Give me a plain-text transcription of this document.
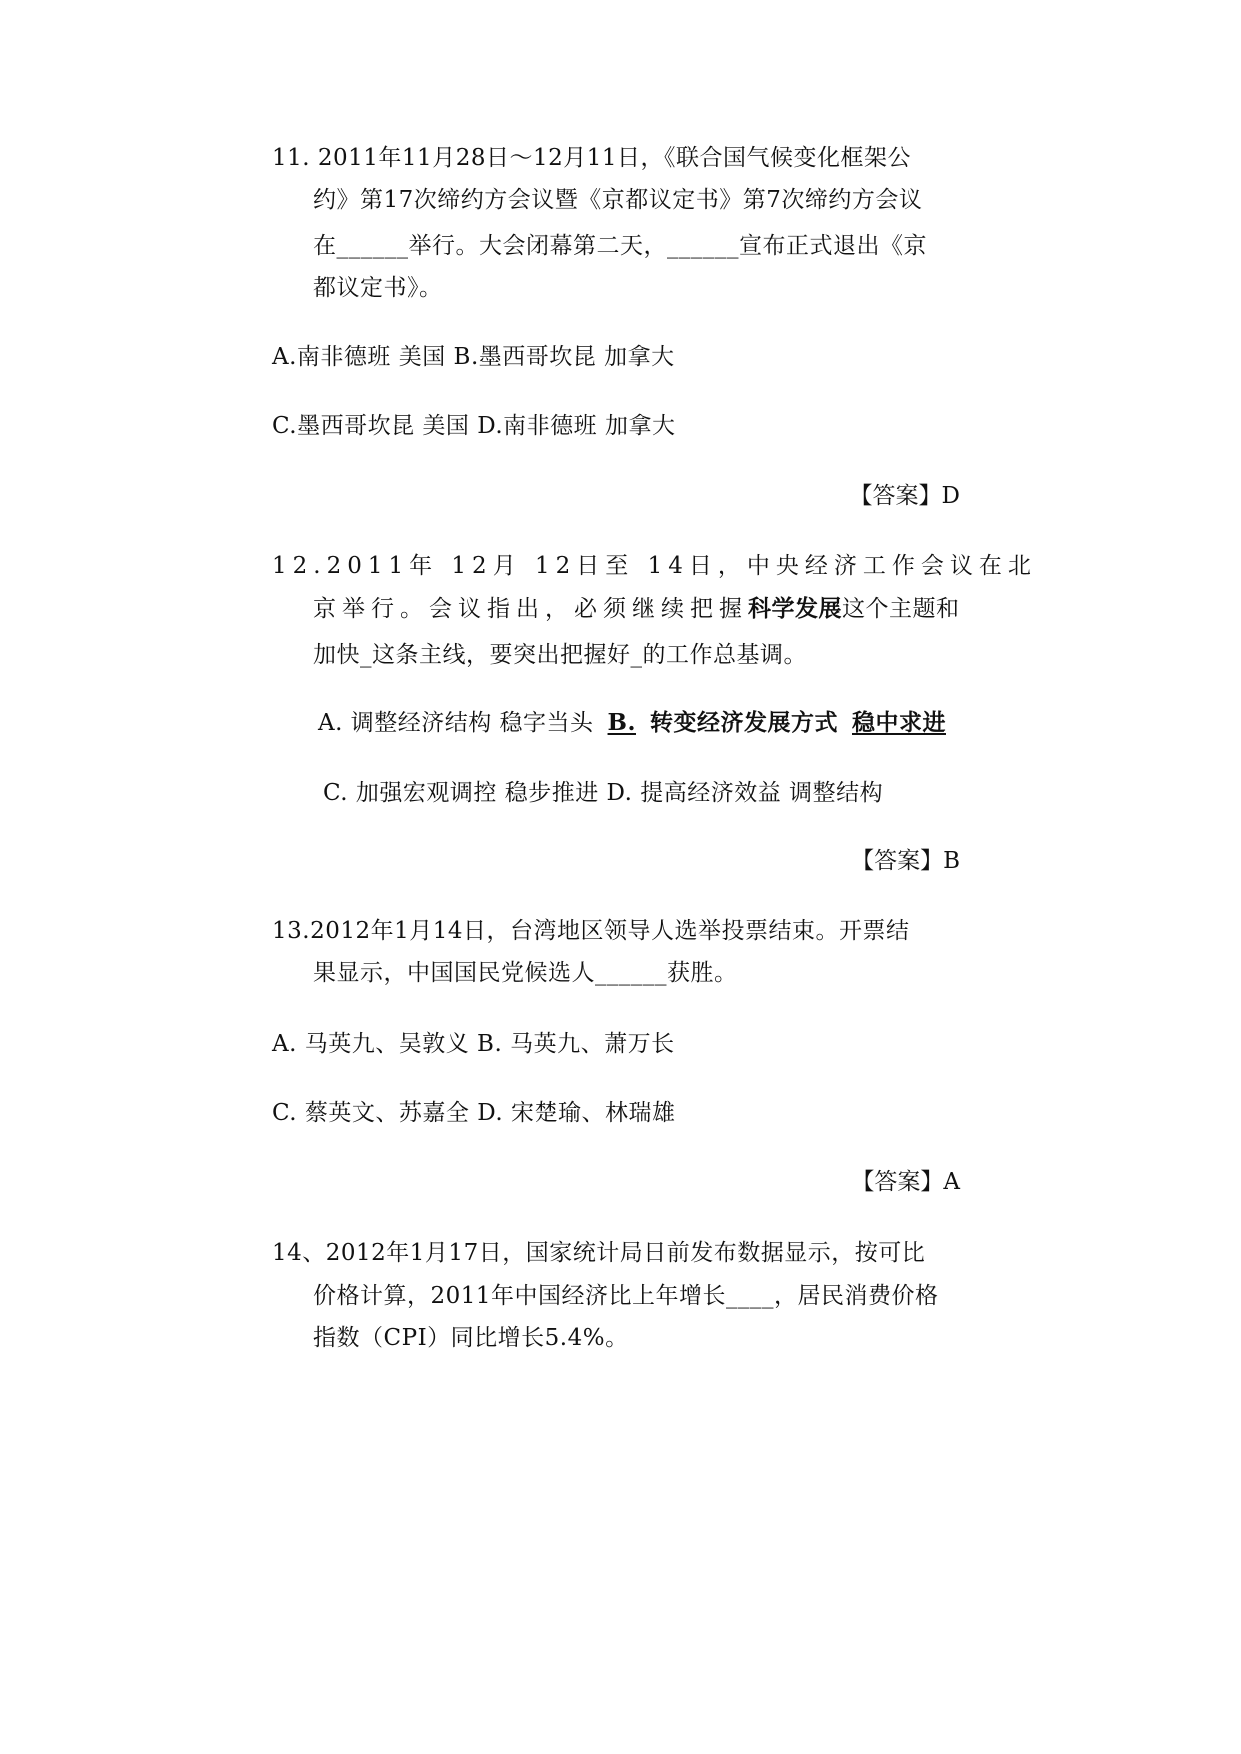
11. 2011年11月28日～12月11日，《联合国气候变化框架公
约》第17次缔约方会议暨《京都议定书》第7次缔约方会议
在______举行。大会闭幕第二天，______宣布正式退出《京
都议定书》。
A.南非德班 美国 B.墨西哥坎昆 加拿大
C.墨西哥坎昆 美国 D.南非德班 加拿大
【答案】D
12.2011年 12月 12日至 14日，中央经济工作会议在北
京举行。会议指出，必须继续把握科学发展这个主题和
加快_这条主线，要突出把握好_的工作总基调。
A. 调整经济结构 稳字当头 B. 转变经济发展方式 稳中求进
C. 加强宏观调控 稳步推进 D. 提高经济效益 调整结构
【答案】B
13.2012年1月14日，台湾地区领导人选举投票结束。开票结
果显示，中国国民党候选人______获胜。
A. 马英九、吴敦义 B. 马英九、萧万长
C. 蔡英文、苏嘉全 D. 宋楚瑜、林瑞雄
【答案】A
14、2012年1月17日，国家统计局日前发布数据显示，按可比
价格计算，2011年中国经济比上年增长____，居民消费价格
指数（CPI）同比增长5.4%。
